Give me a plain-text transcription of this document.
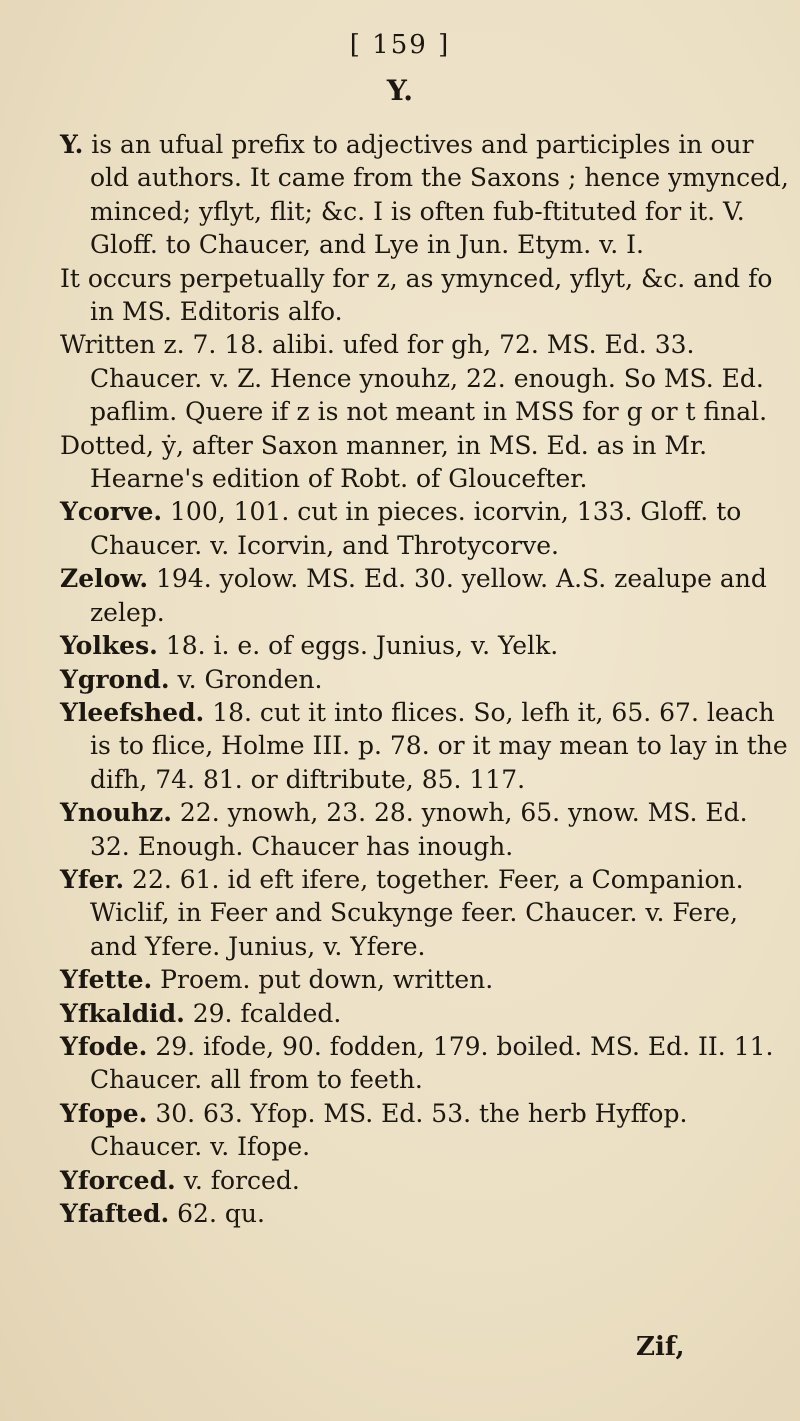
[ 159 ]
Y.

Y. is an ufual prefix to adjectives and participles in our old authors. It came from the Saxons ; hence ymynced, minced; yflyt, flit; &c. I is often fub-ftituted for it. V. Gloff. to Chaucer, and Lye in Jun. Etym. v. I.

It occurs perpetually for z, as ymynced, yflyt, &c. and fo in MS. Editoris alfo.

Written z. 7. 18. alibi. ufed for gh, 72. MS. Ed. 33. Chaucer. v. Z. Hence ynouhz, 22. enough. So MS. Ed. paflim. Quere if z is not meant in MSS for g or t final.

Dotted, ẏ, after Saxon manner, in MS. Ed. as in Mr. Hearne's edition of Robt. of Gloucefter.

Ycorve. 100, 101. cut in pieces. icorvin, 133. Gloff. to Chaucer. v. Icorvin, and Throtycorve.

Zelow. 194. yolow. MS. Ed. 30. yellow. A.S. zealupe and zelep.

Yolkes. 18. i. e. of eggs. Junius, v. Yelk.

Ygrond. v. Gronden.

Yleefshed. 18. cut it into flices. So, lefh it, 65. 67. leach is to flice, Holme III. p. 78. or it may mean to lay in the difh, 74. 81. or diftribute, 85. 117.

Ynouhz. 22. ynowh, 23. 28. ynowh, 65. ynow. MS. Ed. 32. Enough. Chaucer has inough.

Yfer. 22. 61. id eft ifere, together. Feer, a Companion. Wiclif, in Feer and Scukynge feer. Chaucer. v. Fere, and Yfere. Junius, v. Yfere.

Yfette. Proem. put down, written.

Yfkaldid. 29. fcalded.

Yfode. 29. ifode, 90. fodden, 179. boiled. MS. Ed. II. 11. Chaucer. all from to feeth.

Yfope. 30. 63. Yfop. MS. Ed. 53. the herb Hyffop. Chaucer. v. Ifope.

Yforced. v. forced.

Yfafted. 62. qu.

Zif,
